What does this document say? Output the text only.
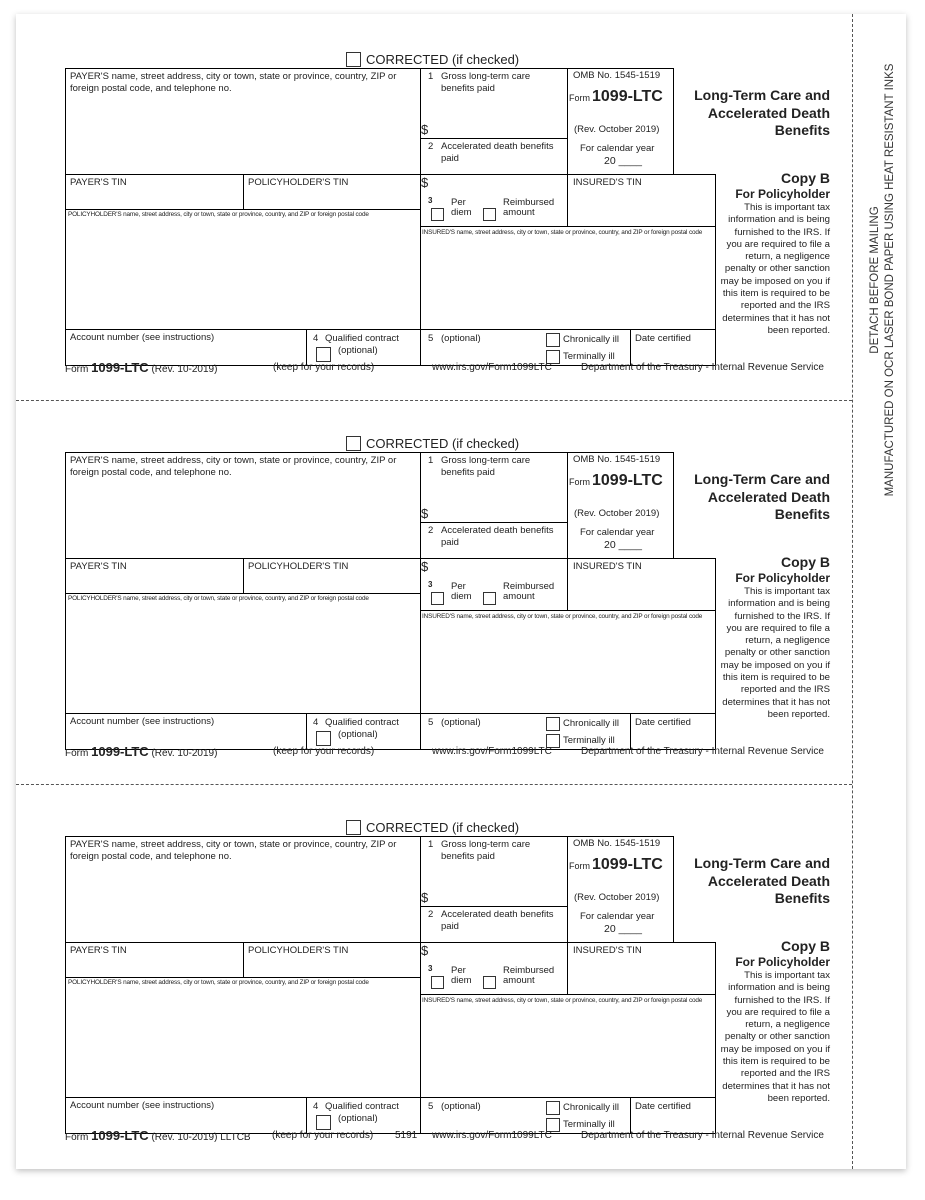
DETACH BEFORE MAILING MANUFACTURED ON OCR LASER BOND PAPER USING HEAT RESISTANT INKS
CORRECTED (if checked)
PAYER'S name, street address, city or town, state or province, country, ZIP or foreign postal code, and telephone no.
1 Gross long-term care benefits paid
$
OMB No. 1545-1519
Form 1099-LTC
(Rev. October 2019)
For calendar year
20 ____
Long-Term Care and Accelerated Death Benefits
2 Accelerated death benefits paid
$
PAYER'S TIN	POLICYHOLDER'S TIN	INSURED'S TIN
3 Per diem
Reimbursed amount
POLICYHOLDER'S name, street address, city or town, state or province, country, and ZIP or foreign postal code
INSURED'S name, street address, city or town, state or province, country, and ZIP or foreign postal code
Copy B
For Policyholder
This is important tax information and is being furnished to the IRS. If you are required to file a return, a negligence penalty or other sanction may be imposed on you if this item is required to be reported and the IRS determines that it has not been reported.
Account number (see instructions)	4 Qualified contract
(optional)
5 (optional)	Chronically ill
Terminally ill
Date certified
Form 1099-LTC (Rev. 10-2019)	(keep for your records)	www.irs.gov/Form1099LTC	Department of the Treasury - Internal Revenue Service
CORRECTED (if checked)
PAYER'S name, street address, city or town, state or province, country, ZIP or foreign postal code, and telephone no.
1 Gross long-term care benefits paid
$
OMB No. 1545-1519
Form 1099-LTC
(Rev. October 2019)
For calendar year
20 ____
Long-Term Care and Accelerated Death Benefits
2 Accelerated death benefits paid
$
PAYER'S TIN	POLICYHOLDER'S TIN	INSURED'S TIN
3 Per diem
Reimbursed amount
POLICYHOLDER'S name, street address, city or town, state or province, country, and ZIP or foreign postal code
INSURED'S name, street address, city or town, state or province, country, and ZIP or foreign postal code
Copy B
For Policyholder
This is important tax information and is being furnished to the IRS. If you are required to file a return, a negligence penalty or other sanction may be imposed on you if this item is required to be reported and the IRS determines that it has not been reported.
Account number (see instructions)	4 Qualified contract
(optional)
5 (optional)	Chronically ill
Terminally ill
Date certified
Form 1099-LTC (Rev. 10-2019)	(keep for your records)	www.irs.gov/Form1099LTC	Department of the Treasury - Internal Revenue Service
CORRECTED (if checked)
PAYER'S name, street address, city or town, state or province, country, ZIP or foreign postal code, and telephone no.
1 Gross long-term care benefits paid
$
OMB No. 1545-1519
Form 1099-LTC
(Rev. October 2019)
For calendar year
20 ____
Long-Term Care and Accelerated Death Benefits
2 Accelerated death benefits paid
$
PAYER'S TIN	POLICYHOLDER'S TIN	INSURED'S TIN
3 Per diem
Reimbursed amount
POLICYHOLDER'S name, street address, city or town, state or province, country, and ZIP or foreign postal code
INSURED'S name, street address, city or town, state or province, country, and ZIP or foreign postal code
Copy B
For Policyholder
This is important tax information and is being furnished to the IRS. If you are required to file a return, a negligence penalty or other sanction may be imposed on you if this item is required to be reported and the IRS determines that it has not been reported.
Account number (see instructions)	4 Qualified contract
(optional)
5 (optional)	Chronically ill
Terminally ill
Date certified
Form 1099-LTC (Rev. 10-2019) LLTCB (keep for your records) 5191 www.irs.gov/Form1099LTC	Department of the Treasury - Internal Revenue Service
